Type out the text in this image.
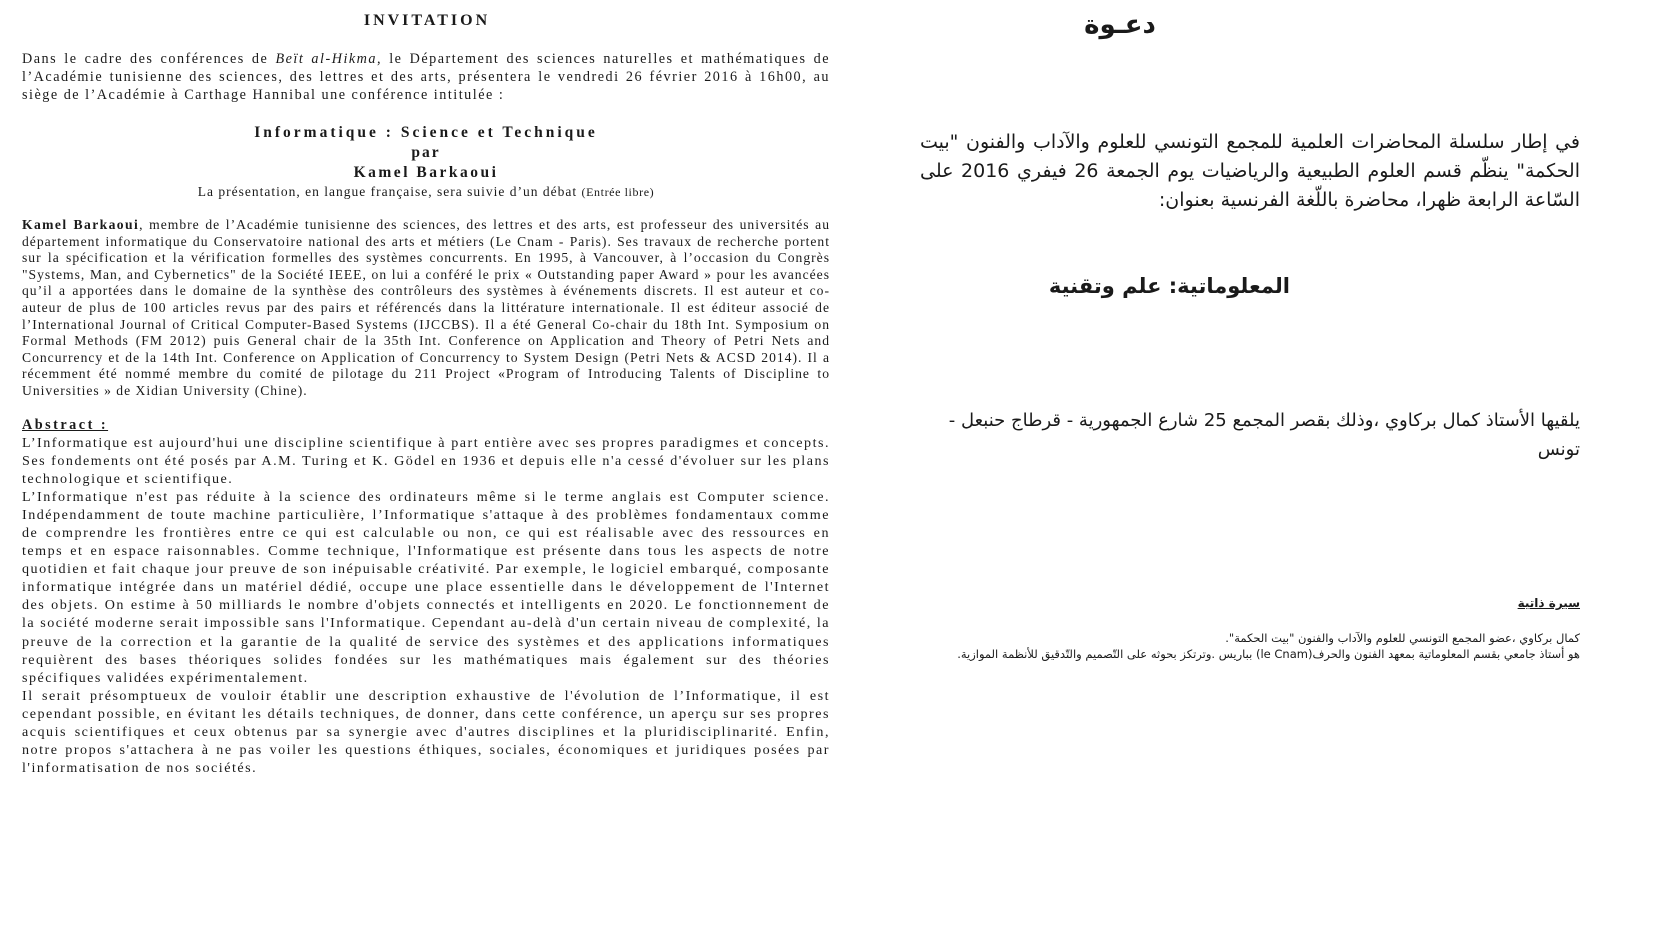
INVITATION

Dans le cadre des conférences de Beït al-Hikma, le Département des sciences naturelles et mathématiques de l’Académie tunisienne des sciences, des lettres et des arts, présentera le vendredi 26 février 2016 à 16h00, au siège de l’Académie à Carthage Hannibal une conférence intitulée :

Informatique : Science et Technique

par

Kamel Barkaoui

La présentation, en langue française, sera suivie d’un débat (Entrée libre)

Kamel Barkaoui, membre de l’Académie tunisienne des sciences, des lettres et des arts, est professeur des universités au département informatique du Conservatoire national des arts et métiers (Le Cnam - Paris). Ses travaux de recherche portent sur la spécification et la vérification formelles des systèmes concurrents. En 1995, à Vancouver, à l’occasion du Congrès "Systems, Man, and Cybernetics" de la Société IEEE, on lui a conféré le prix « Outstanding paper Award » pour les avancées qu’il a apportées dans le domaine de la synthèse des contrôleurs des systèmes à événements discrets. Il est auteur et co-auteur de plus de 100 articles revus par des pairs et référencés dans la littérature internationale. Il est éditeur associé de l’International Journal of Critical Computer-Based Systems (IJCCBS). Il a été General Co-chair du 18th Int. Symposium on Formal Methods (FM 2012) puis General chair de la 35th Int. Conference on Application and Theory of Petri Nets and Concurrency et de la 14th Int. Conference on Application of Concurrency to System Design (Petri Nets & ACSD 2014). Il a récemment été nommé membre du comité de pilotage du 211 Project «Program of Introducing Talents of Discipline to Universities » de Xidian University (Chine).

Abstract :

L’Informatique est aujourd'hui une discipline scientifique à part entière avec ses propres paradigmes et concepts. Ses fondements ont été posés par A.M. Turing et K. Gödel en 1936 et depuis elle n'a cessé d'évoluer sur les plans technologique et scientifique.

L’Informatique n'est pas réduite à la science des ordinateurs même si le terme anglais est Computer science. Indépendamment de toute machine particulière, l’Informatique s'attaque à des problèmes fondamentaux comme de comprendre les frontières entre ce qui est calculable ou non, ce qui est réalisable avec des ressources en temps et en espace raisonnables. Comme technique, l'Informatique est présente dans tous les aspects de notre quotidien et fait chaque jour preuve de son inépuisable créativité. Par exemple, le logiciel embarqué, composante informatique intégrée dans un matériel dédié, occupe une place essentielle dans le développement de l'Internet des objets. On estime à 50 milliards le nombre d'objets connectés et intelligents en 2020. Le fonctionnement de la société moderne serait impossible sans l'Informatique. Cependant au-delà d'un certain niveau de complexité, la preuve de la correction et la garantie de la qualité de service des systèmes et des applications informatiques requièrent des bases théoriques solides fondées sur les mathématiques mais également sur des théories spécifiques validées expérimentalement.

Il serait présomptueux de vouloir établir une description exhaustive de l'évolution de l’Informatique, il est cependant possible, en évitant les détails techniques, de donner, dans cette conférence, un aperçu sur ses propres acquis scientifiques et ceux obtenus par sa synergie avec d'autres disciplines et la pluridisciplinarité. Enfin, notre propos s'attachera à ne pas voiler les questions éthiques, sociales, économiques et juridiques posées par l'informatisation de nos sociétés.

دعـوة
في إطار سلسلة المحاضرات العلمية للمجمع التونسي للعلوم والآداب والفنون "بيت الحكمة" ينظّم قسم العلوم الطبيعية والرياضيات يوم الجمعة 26 فيفري 2016 على السّاعة الرابعة ظهرا، محاضرة باللّغة الفرنسية بعنوان:
المعلوماتية: علم وتقنية
يلقيها الأستاذ كمال بركاوي ،وذلك بقصر المجمع 25 شارع الجمهورية - قرطاج حنبعل - تونس
سيرة ذاتية
كمال بركاوي ،عضو المجمع التونسي للعلوم والآداب والفنون "بيت الحكمة".
هو أستاذ جامعي بقسم المعلوماتية بمعهد الفنون والحرف(le Cnam) بباريس .وترتكز بحوثه على التّصميم والتّدقيق للأنظمة الموازية.
